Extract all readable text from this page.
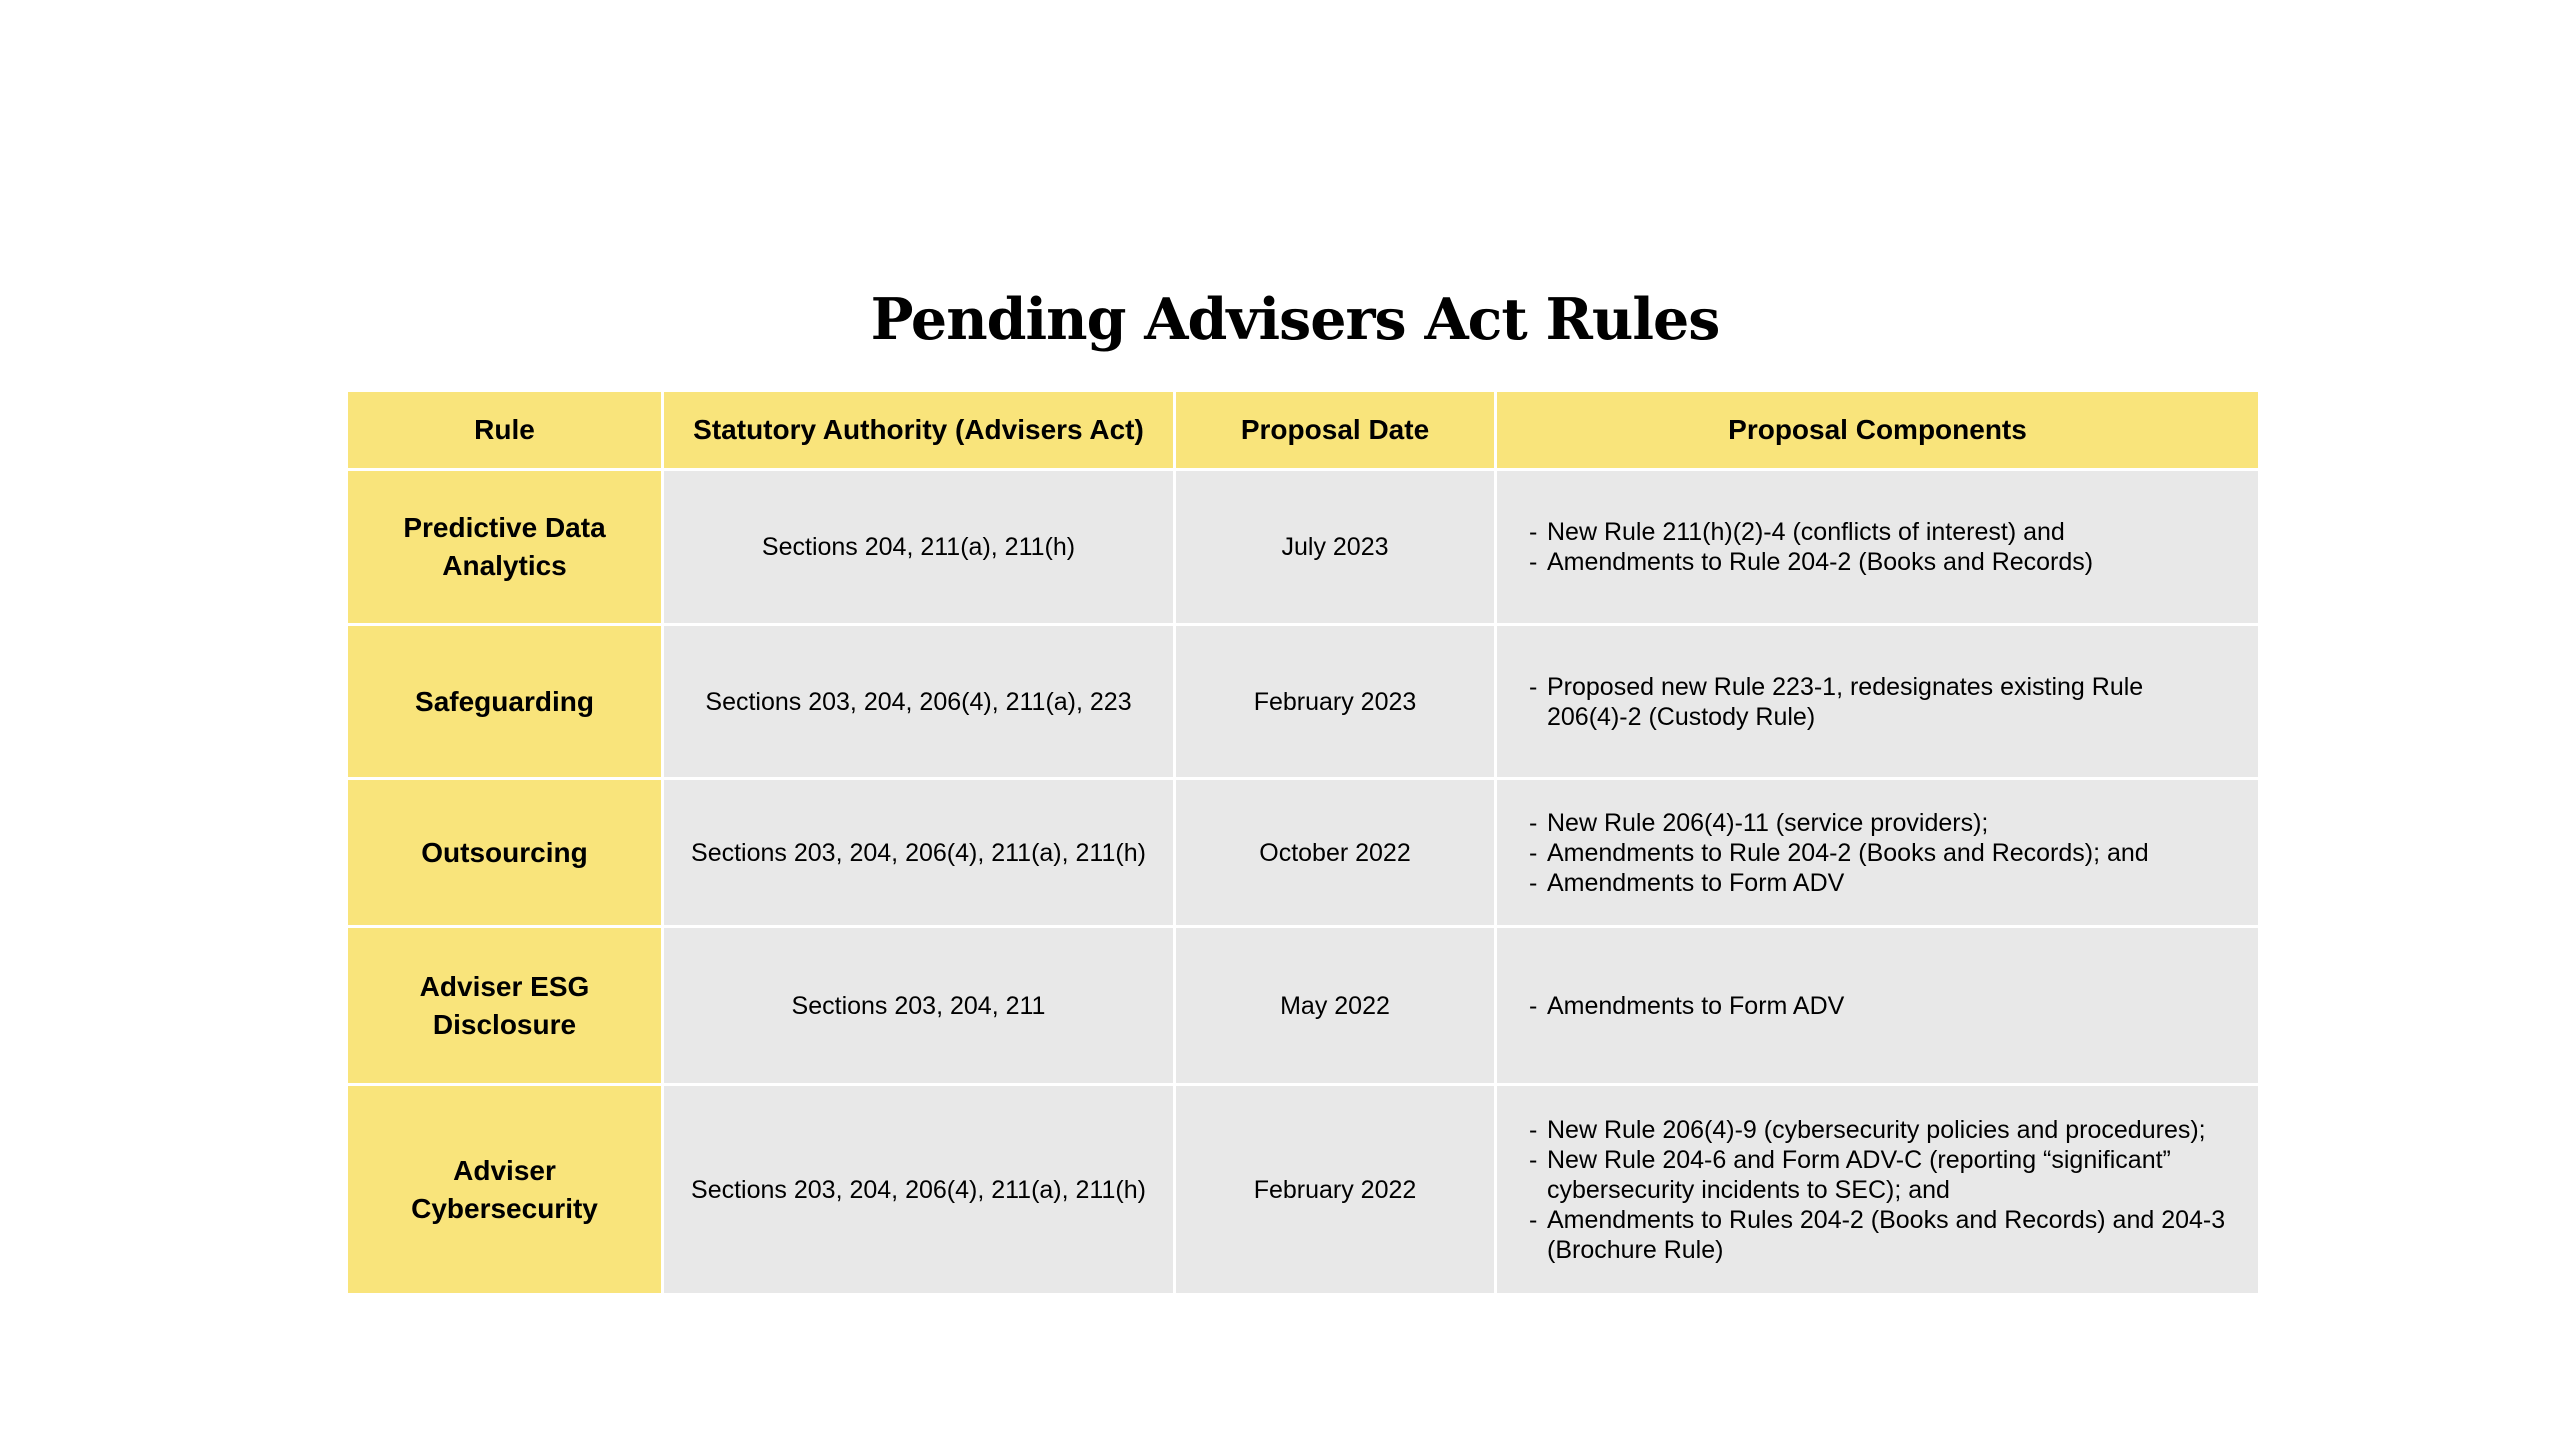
Pending Advisers Act Rules
Rule	Statutory Authority (Advisers Act)	Proposal Date	Proposal Components
Predictive Data Analytics
Sections 204, 211(a), 211(h)	July 2023
- New Rule 211(h)(2)-4 (conflicts of interest) and
- Amendments to Rule 204-2 (Books and Records)
Safeguarding	Sections 203, 204, 206(4), 211(a), 223	February 2023
- Proposed new Rule 223-1, redesignates existing Rule 206(4)-2 (Custody Rule)
Outsourcing	Sections 203, 204, 206(4), 211(a), 211(h)	October 2022
- New Rule 206(4)-11 (service providers);
- Amendments to Rule 204-2 (Books and Records); and
- Amendments to Form ADV
Adviser ESG Disclosure
Sections 203, 204, 211	May 2022
-	Amendments to Form ADV
Adviser Cybersecurity
Sections 203, 204, 206(4), 211(a), 211(h)	February 2022
- New Rule 206(4)-9 (cybersecurity policies and procedures);
- New Rule 204-6 and Form ADV-C (reporting “significant” cybersecurity incidents to SEC); and
- Amendments to Rules 204-2 (Books and Records) and 204-3 (Brochure Rule)
